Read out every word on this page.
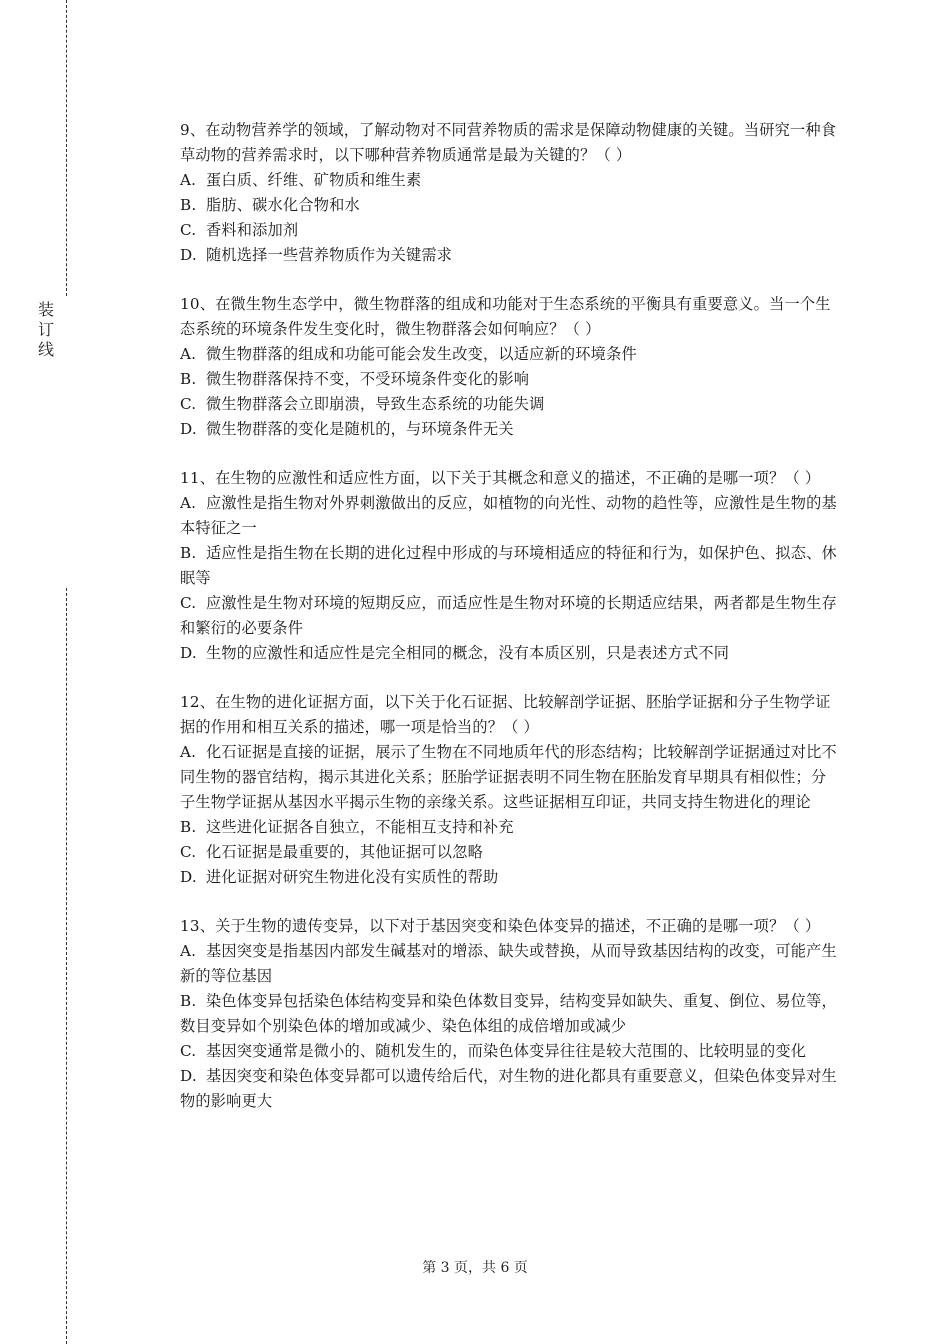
装
订
线

9、在动物营养学的领域，了解动物对不同营养物质的需求是保障动物健康的关键。当研究一种食草动物的营养需求时，以下哪种营养物质通常是最为关键的？（ ）

A. 蛋白质、纤维、矿物质和维生素

B. 脂肪、碳水化合物和水

C. 香料和添加剂

D. 随机选择一些营养物质作为关键需求

10、在微生物生态学中，微生物群落的组成和功能对于生态系统的平衡具有重要意义。当一个生态系统的环境条件发生变化时，微生物群落会如何响应？（ ）

A. 微生物群落的组成和功能可能会发生改变，以适应新的环境条件

B. 微生物群落保持不变，不受环境条件变化的影响

C. 微生物群落会立即崩溃，导致生态系统的功能失调

D. 微生物群落的变化是随机的，与环境条件无关

11、在生物的应激性和适应性方面，以下关于其概念和意义的描述，不正确的是哪一项？（ ）

A. 应激性是指生物对外界刺激做出的反应，如植物的向光性、动物的趋性等，应激性是生物的基本特征之一

B. 适应性是指生物在长期的进化过程中形成的与环境相适应的特征和行为，如保护色、拟态、休眠等

C. 应激性是生物对环境的短期反应，而适应性是生物对环境的长期适应结果，两者都是生物生存和繁衍的必要条件

D. 生物的应激性和适应性是完全相同的概念，没有本质区别，只是表述方式不同

12、在生物的进化证据方面，以下关于化石证据、比较解剖学证据、胚胎学证据和分子生物学证据的作用和相互关系的描述，哪一项是恰当的？（ ）

A. 化石证据是直接的证据，展示了生物在不同地质年代的形态结构；比较解剖学证据通过对比不同生物的器官结构，揭示其进化关系；胚胎学证据表明不同生物在胚胎发育早期具有相似性；分子生物学证据从基因水平揭示生物的亲缘关系。这些证据相互印证，共同支持生物进化的理论

B. 这些进化证据各自独立，不能相互支持和补充

C. 化石证据是最重要的，其他证据可以忽略

D. 进化证据对研究生物进化没有实质性的帮助

13、关于生物的遗传变异，以下对于基因突变和染色体变异的描述，不正确的是哪一项？（ ）

A. 基因突变是指基因内部发生碱基对的增添、缺失或替换，从而导致基因结构的改变，可能产生新的等位基因

B. 染色体变异包括染色体结构变异和染色体数目变异，结构变异如缺失、重复、倒位、易位等，数目变异如个别染色体的增加或减少、染色体组的成倍增加或减少

C. 基因突变通常是微小的、随机发生的，而染色体变异往往是较大范围的、比较明显的变化

D. 基因突变和染色体变异都可以遗传给后代，对生物的进化都具有重要意义，但染色体变异对生物的影响更大

第 3 页，共 6 页
